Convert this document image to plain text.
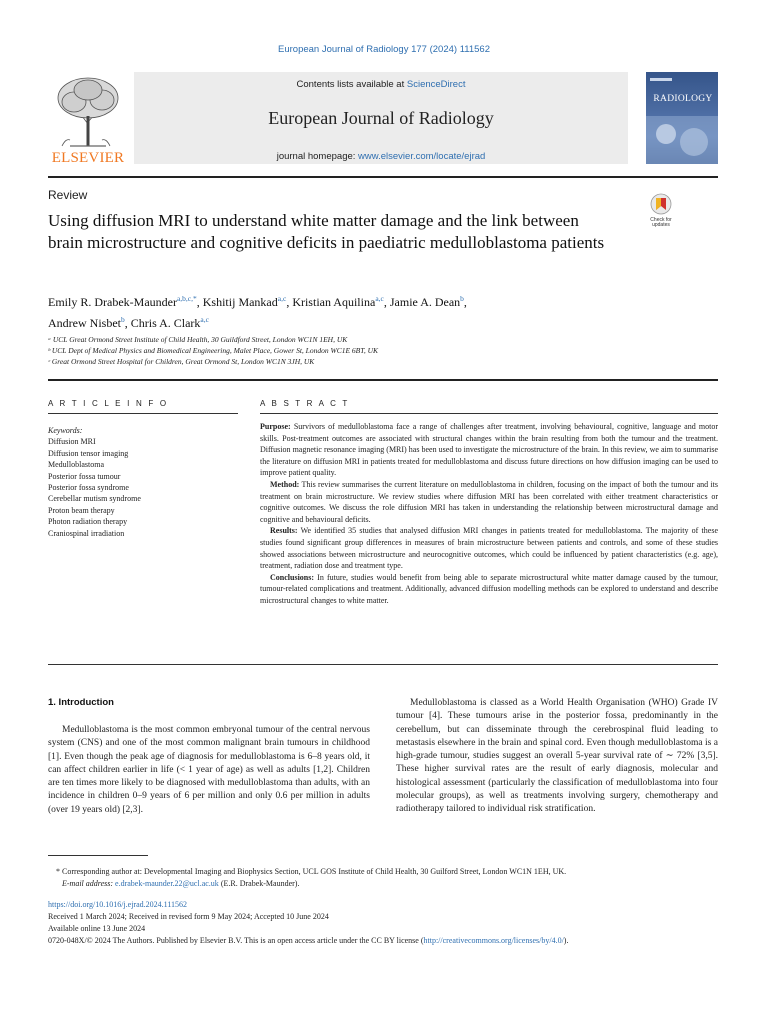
European Journal of Radiology 177 (2024) 111562
ELSEVIER
Contents lists available at ScienceDirect
European Journal of Radiology
journal homepage: www.elsevier.com/locate/ejrad
RADIOLOGY
Review
Using diffusion MRI to understand white matter damage and the link between brain microstructure and cognitive deficits in paediatric medulloblastoma patients
Check for
updates
Emily R. Drabek-Maunder$^{a,b,c,*}$, Kshitij Mankad$^{a,c}$, Kristian Aquilina$^{a,c}$, Jamie A. Dean$^b$,
Andrew Nisbet$^b$, Chris A. Clark$^{a,c}$
ᵃ UCL Great Ormond Street Institute of Child Health, 30 Guildford Street, London WC1N 1EH, UK
ᵇ UCL Dept of Medical Physics and Biomedical Engineering, Malet Place, Gower St, London WC1E 6BT, UK
ᶜ Great Ormond Street Hospital for Children, Great Ormond St, London WC1N 3JH, UK
A R T I C L E I N F O	A B S T R A C T
Keywords:
Diffusion MRI
Diffusion tensor imaging
Medulloblastoma
Posterior fossa tumour
Posterior fossa syndrome
Cerebellar mutism syndrome
Proton beam therapy
Photon radiation therapy
Craniospinal irradiation

Purpose: Survivors of medulloblastoma face a range of challenges after treatment, involving behavioural, cognitive, language and motor skills. Post-treatment outcomes are associated with structural changes within the brain resulting from both the tumour and the treatment. Diffusion magnetic resonance imaging (MRI) has been used to investigate the microstructure of the brain. In this review, we aim to summarise the literature on diffusion MRI in patients treated for medulloblastoma and discuss future directions on how diffusion imaging can be used to improve patient quality.

Method: This review summarises the current literature on medulloblastoma in children, focusing on the impact of both the tumour and its treatment on brain microstructure. We review studies where diffusion MRI has been correlated with either treatment characteristics or cognitive outcomes. We discuss the role diffusion MRI has taken in understanding the relationship between microstructural damage and cognitive and behavioural deficits.

Results: We identified 35 studies that analysed diffusion MRI changes in patients treated for medulloblastoma. The majority of these studies found significant group differences in measures of brain microstructure between patients and controls, and some of these studies showed associations between microstructure and neurocognitive outcomes, which could be influenced by patient characteristics (e.g. age), treatment, radiation dose and treatment type.

Conclusions: In future, studies would benefit from being able to separate microstructural white matter damage caused by the tumour, tumour-related complications and treatment. Additionally, advanced diffusion modelling methods can be explored to understand and describe microstructural changes to white matter.

1. Introduction

Medulloblastoma is the most common embryonal tumour of the central nervous system (CNS) and one of the most common malignant brain tumours in childhood [1]. Even though the peak age of diagnosis for medulloblastoma is 6–8 years old, it can affect children earlier in life (< 1 year of age) as well as adults [1,2]. Children are ten times more likely to be diagnosed with medulloblastoma than adults, with an incidence in children 0–9 years of 6 per million and only 0.6 per million in adults (over 19 years old) [2,3].

Medulloblastoma is classed as a World Health Organisation (WHO) Grade IV tumour [4]. These tumours arise in the posterior fossa, predominantly in the cerebellum, but can disseminate through the cerebrospinal fluid leading to metastasis elsewhere in the brain and spinal cord. Even though medulloblastoma is a high-grade tumour, studies suggest an overall 5-year survival rate of ∼ 72% [3,5]. These higher survival rates are the result of early diagnosis, molecular and histological assessment (particularly the classification of medulloblastoma into four molecular groups), as well as treatments involving surgery, chemotherapy and radiotherapy tailored to individual risk stratification.

* Corresponding author at: Developmental Imaging and Biophysics Section, UCL GOS Institute of Child Health, 30 Guilford Street, London WC1N 1EH, UK.
E-mail address: e.drabek-maunder.22@ucl.ac.uk (E.R. Drabek-Maunder).
https://doi.org/10.1016/j.ejrad.2024.111562
Received 1 March 2024; Received in revised form 9 May 2024; Accepted 10 June 2024
Available online 13 June 2024
0720-048X/© 2024 The Authors. Published by Elsevier B.V. This is an open access article under the CC BY license (http://creativecommons.org/licenses/by/4.0/).
